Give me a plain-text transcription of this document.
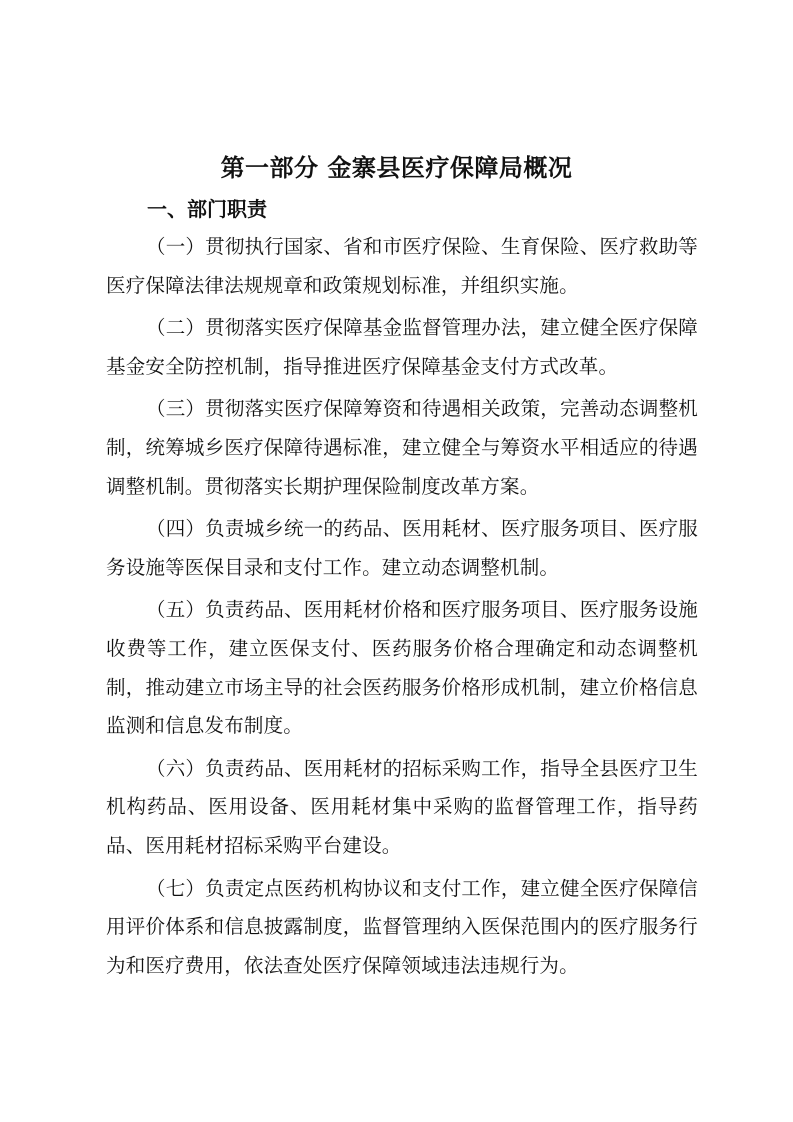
第一部分 金寨县医疗保障局概况
一、部门职责

（一）贯彻执行国家、省和市医疗保险、生育保险、医疗救助等医疗保障法律法规规章和政策规划标准，并组织实施。

（二）贯彻落实医疗保障基金监督管理办法，建立健全医疗保障基金安全防控机制，指导推进医疗保障基金支付方式改革。

（三）贯彻落实医疗保障筹资和待遇相关政策，完善动态调整机制，统筹城乡医疗保障待遇标准，建立健全与筹资水平相适应的待遇调整机制。贯彻落实长期护理保险制度改革方案。

（四）负责城乡统一的药品、医用耗材、医疗服务项目、医疗服务设施等医保目录和支付工作。建立动态调整机制。

（五）负责药品、医用耗材价格和医疗服务项目、医疗服务设施收费等工作，建立医保支付、医药服务价格合理确定和动态调整机制，推动建立市场主导的社会医药服务价格形成机制，建立价格信息监测和信息发布制度。

（六）负责药品、医用耗材的招标采购工作，指导全县医疗卫生机构药品、医用设备、医用耗材集中采购的监督管理工作，指导药品、医用耗材招标采购平台建设。

（七）负责定点医药机构协议和支付工作，建立健全医疗保障信用评价体系和信息披露制度，监督管理纳入医保范围内的医疗服务行为和医疗费用，依法查处医疗保障领域违法违规行为。
